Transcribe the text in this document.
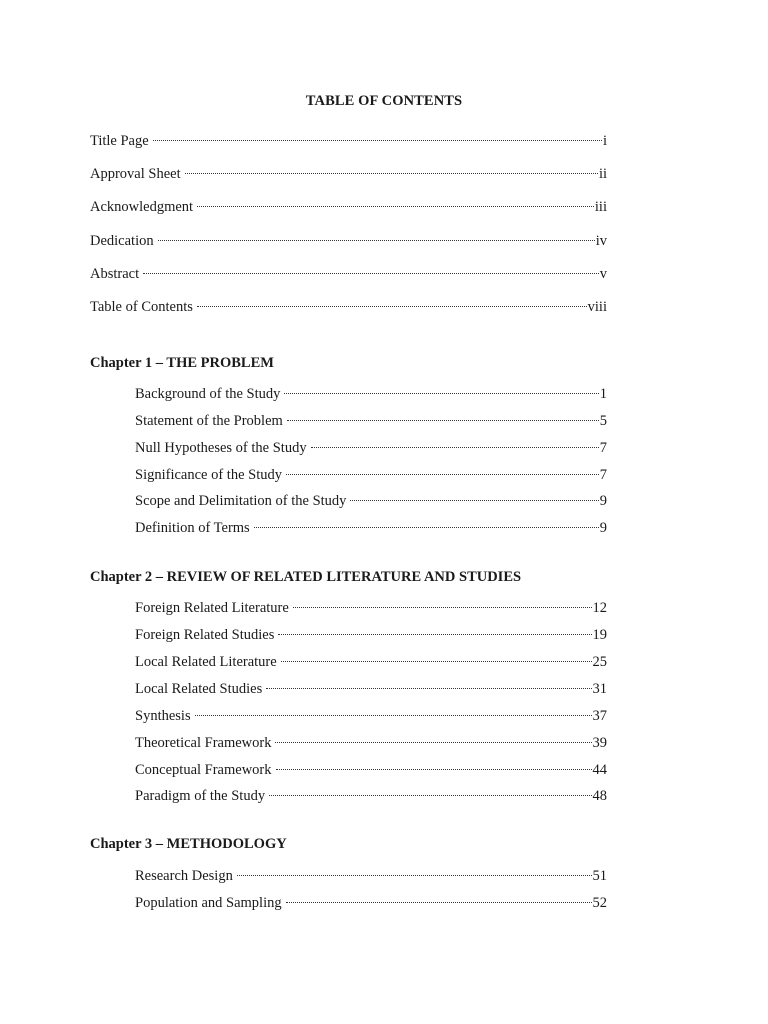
TABLE OF CONTENTS
Title Page	i
Approval Sheet	ii
Acknowledgment	iii
Dedication	iv
Abstract	v
Table of Contents	viii
Chapter 1 – THE PROBLEM
Background of the Study	1
Statement of the Problem	5
Null Hypotheses of the Study	7
Significance of the Study	7
Scope and Delimitation of the Study	9
Definition of Terms	9
Chapter 2 – REVIEW OF RELATED LITERATURE AND STUDIES
Foreign Related Literature	12
Foreign Related Studies	19
Local Related Literature	25
Local Related Studies	31
Synthesis	37
Theoretical Framework	39
Conceptual Framework	44
Paradigm of the Study	48
Chapter 3 – METHODOLOGY
Research Design	51
Population and Sampling	52
